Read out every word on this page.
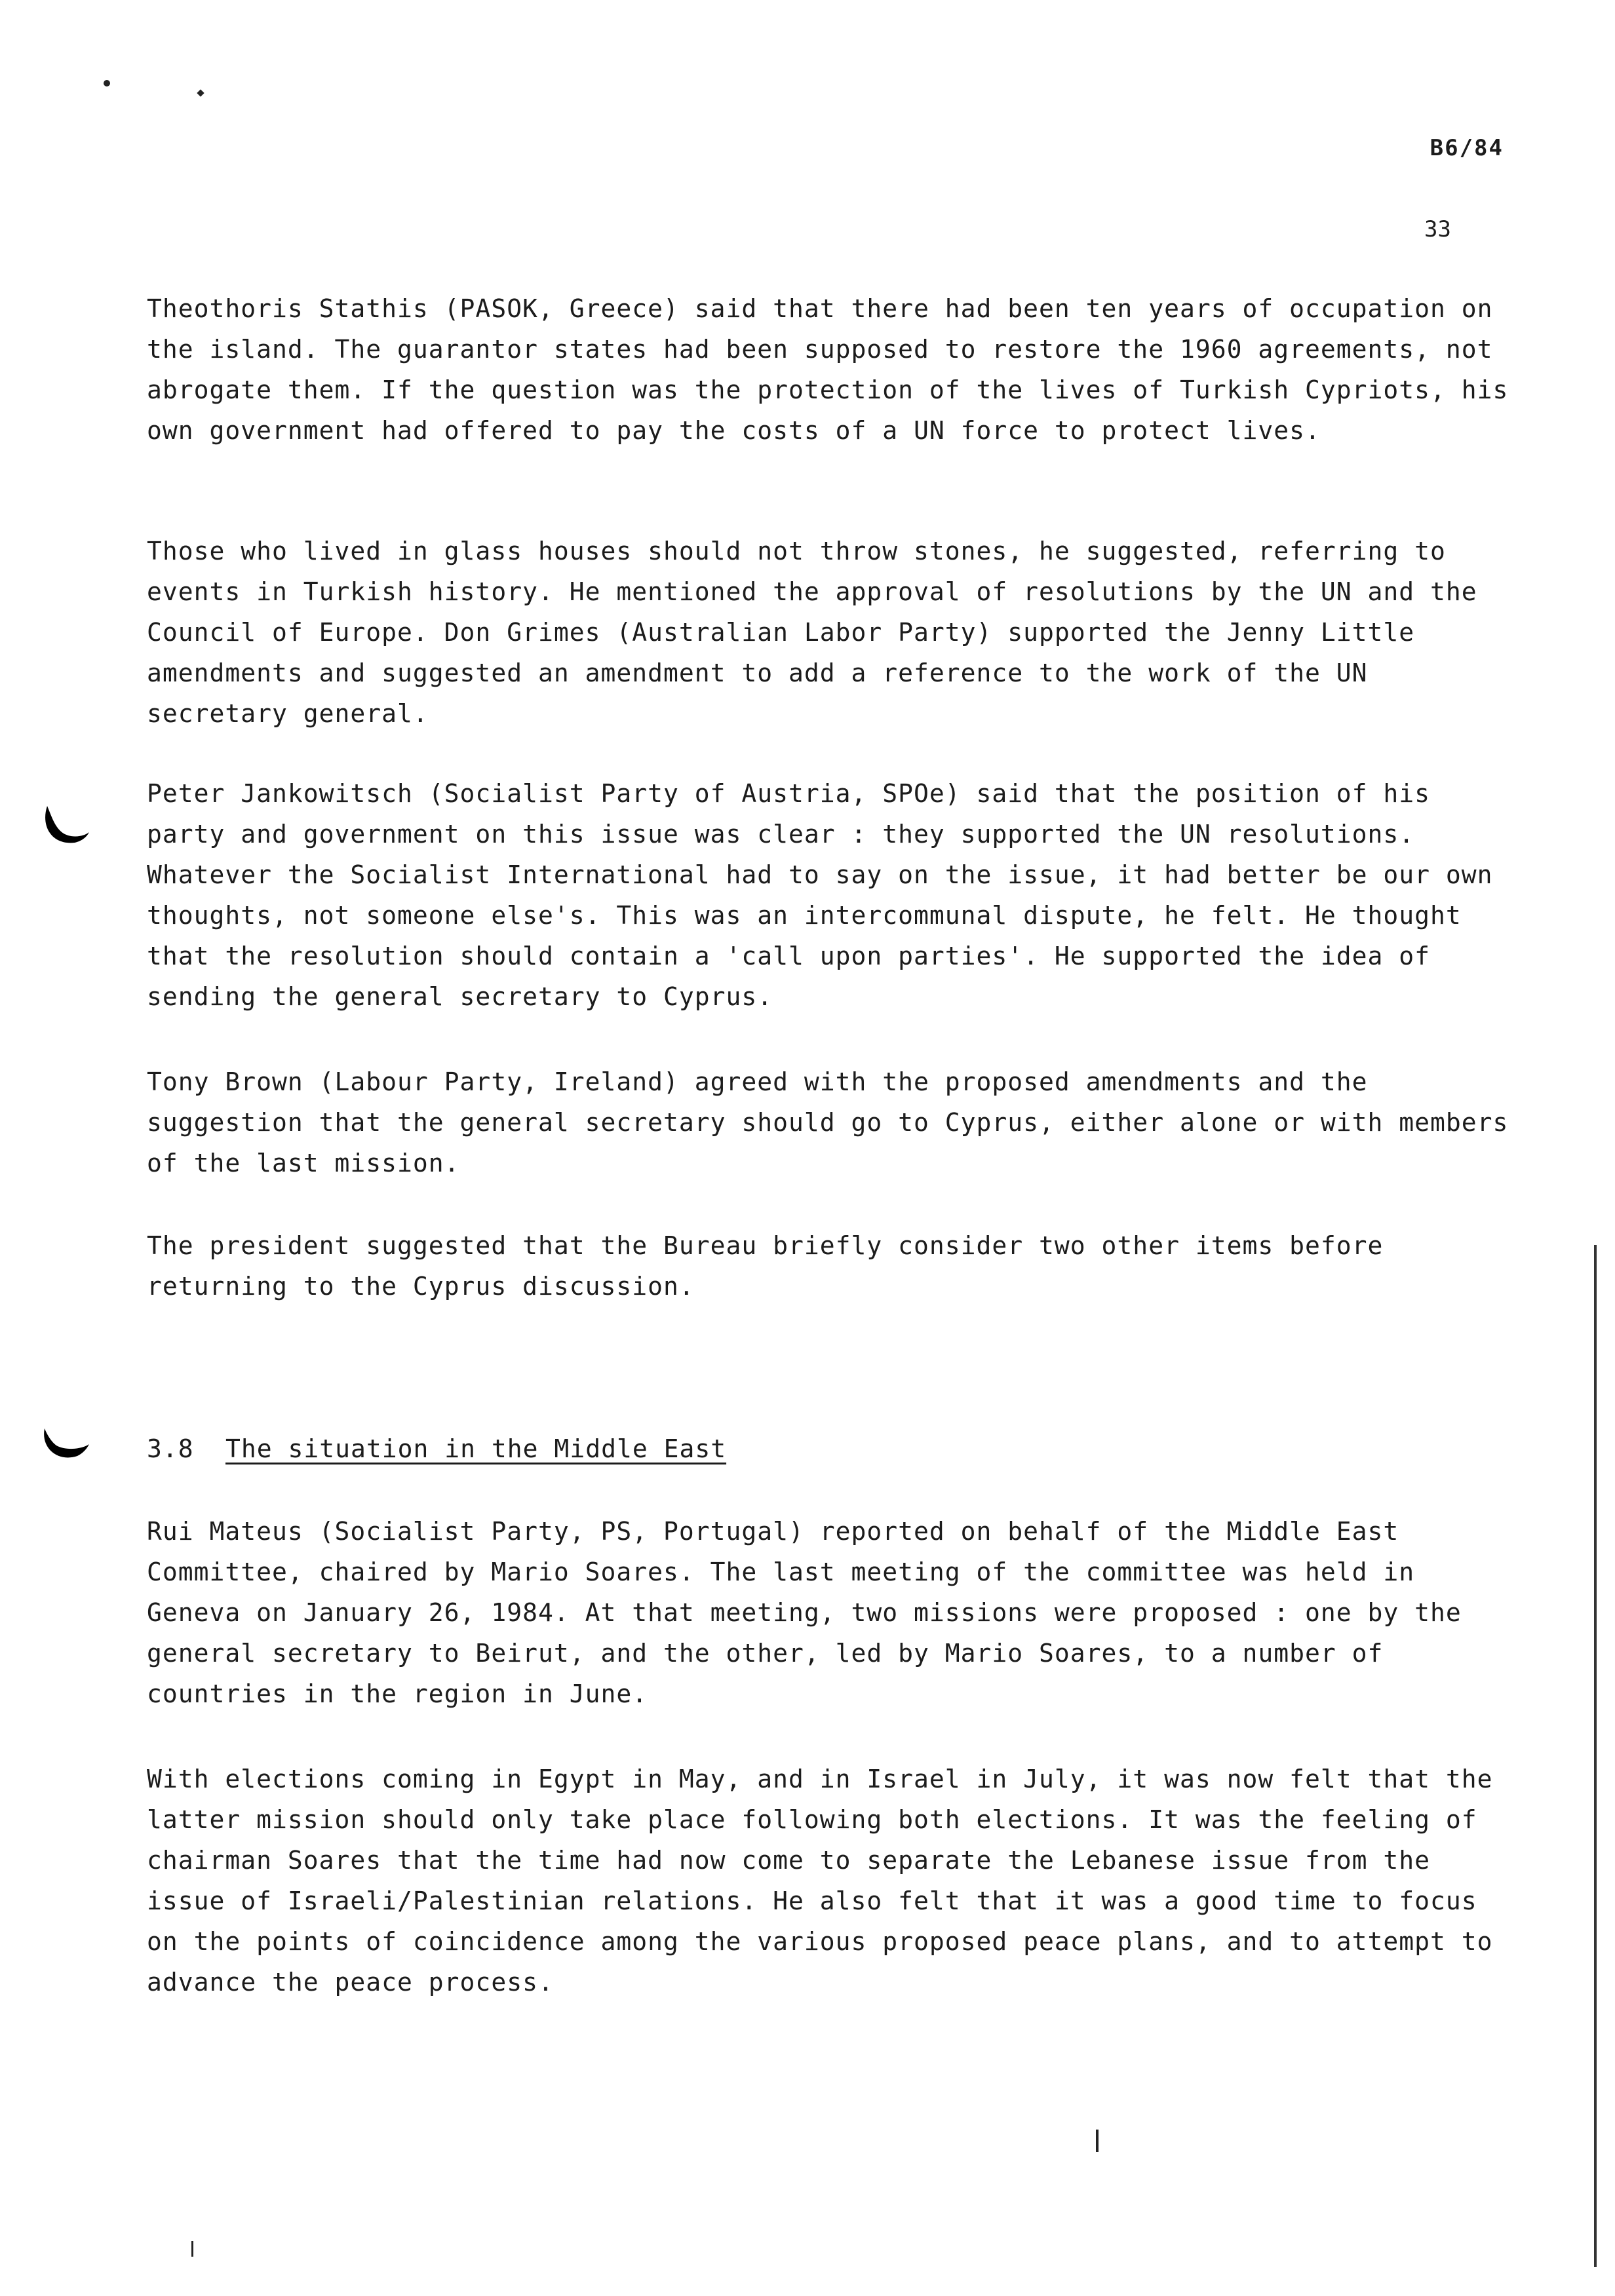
B6/84
33

Theothoris Stathis (PASOK, Greece) said that there had been ten years of occupation on the island. The guarantor states had been supposed to restore the 1960 agreements, not abrogate them. If the question was the protection of the lives of Turkish Cypriots, his own government had offered to pay the costs of a UN force to protect lives.

Those who lived in glass houses should not throw stones, he suggested, referring to events in Turkish history. He mentioned the approval of resolutions by the UN and the Council of Europe. Don Grimes (Australian Labor Party) supported the Jenny Little amendments and suggested an amendment to add a reference to the work of the UN secretary general.

Peter Jankowitsch (Socialist Party of Austria, SPOe) said that the position of his party and government on this issue was clear : they supported the UN resolutions. Whatever the Socialist International had to say on the issue, it had better be our own thoughts, not someone else's. This was an intercommunal dispute, he felt. He thought that the resolution should contain a 'call upon parties'. He supported the idea of sending the general secretary to Cyprus.

Tony Brown (Labour Party, Ireland) agreed with the proposed amendments and the suggestion that the general secretary should go to Cyprus, either alone or with members of the last mission.

The president suggested that the Bureau briefly consider two other items before returning to the Cyprus discussion.

3.8 The situation in the Middle East

Rui Mateus (Socialist Party, PS, Portugal) reported on behalf of the Middle East Committee, chaired by Mario Soares. The last meeting of the committee was held in Geneva on January 26, 1984. At that meeting, two missions were proposed : one by the general secretary to Beirut, and the other, led by Mario Soares, to a number of countries in the region in June.

With elections coming in Egypt in May, and in Israel in July, it was now felt that the latter mission should only take place following both elections. It was the feeling of chairman Soares that the time had now come to separate the Lebanese issue from the issue of Israeli/Palestinian relations. He also felt that it was a good time to focus on the points of coincidence among the various proposed peace plans, and to attempt to advance the peace process.
